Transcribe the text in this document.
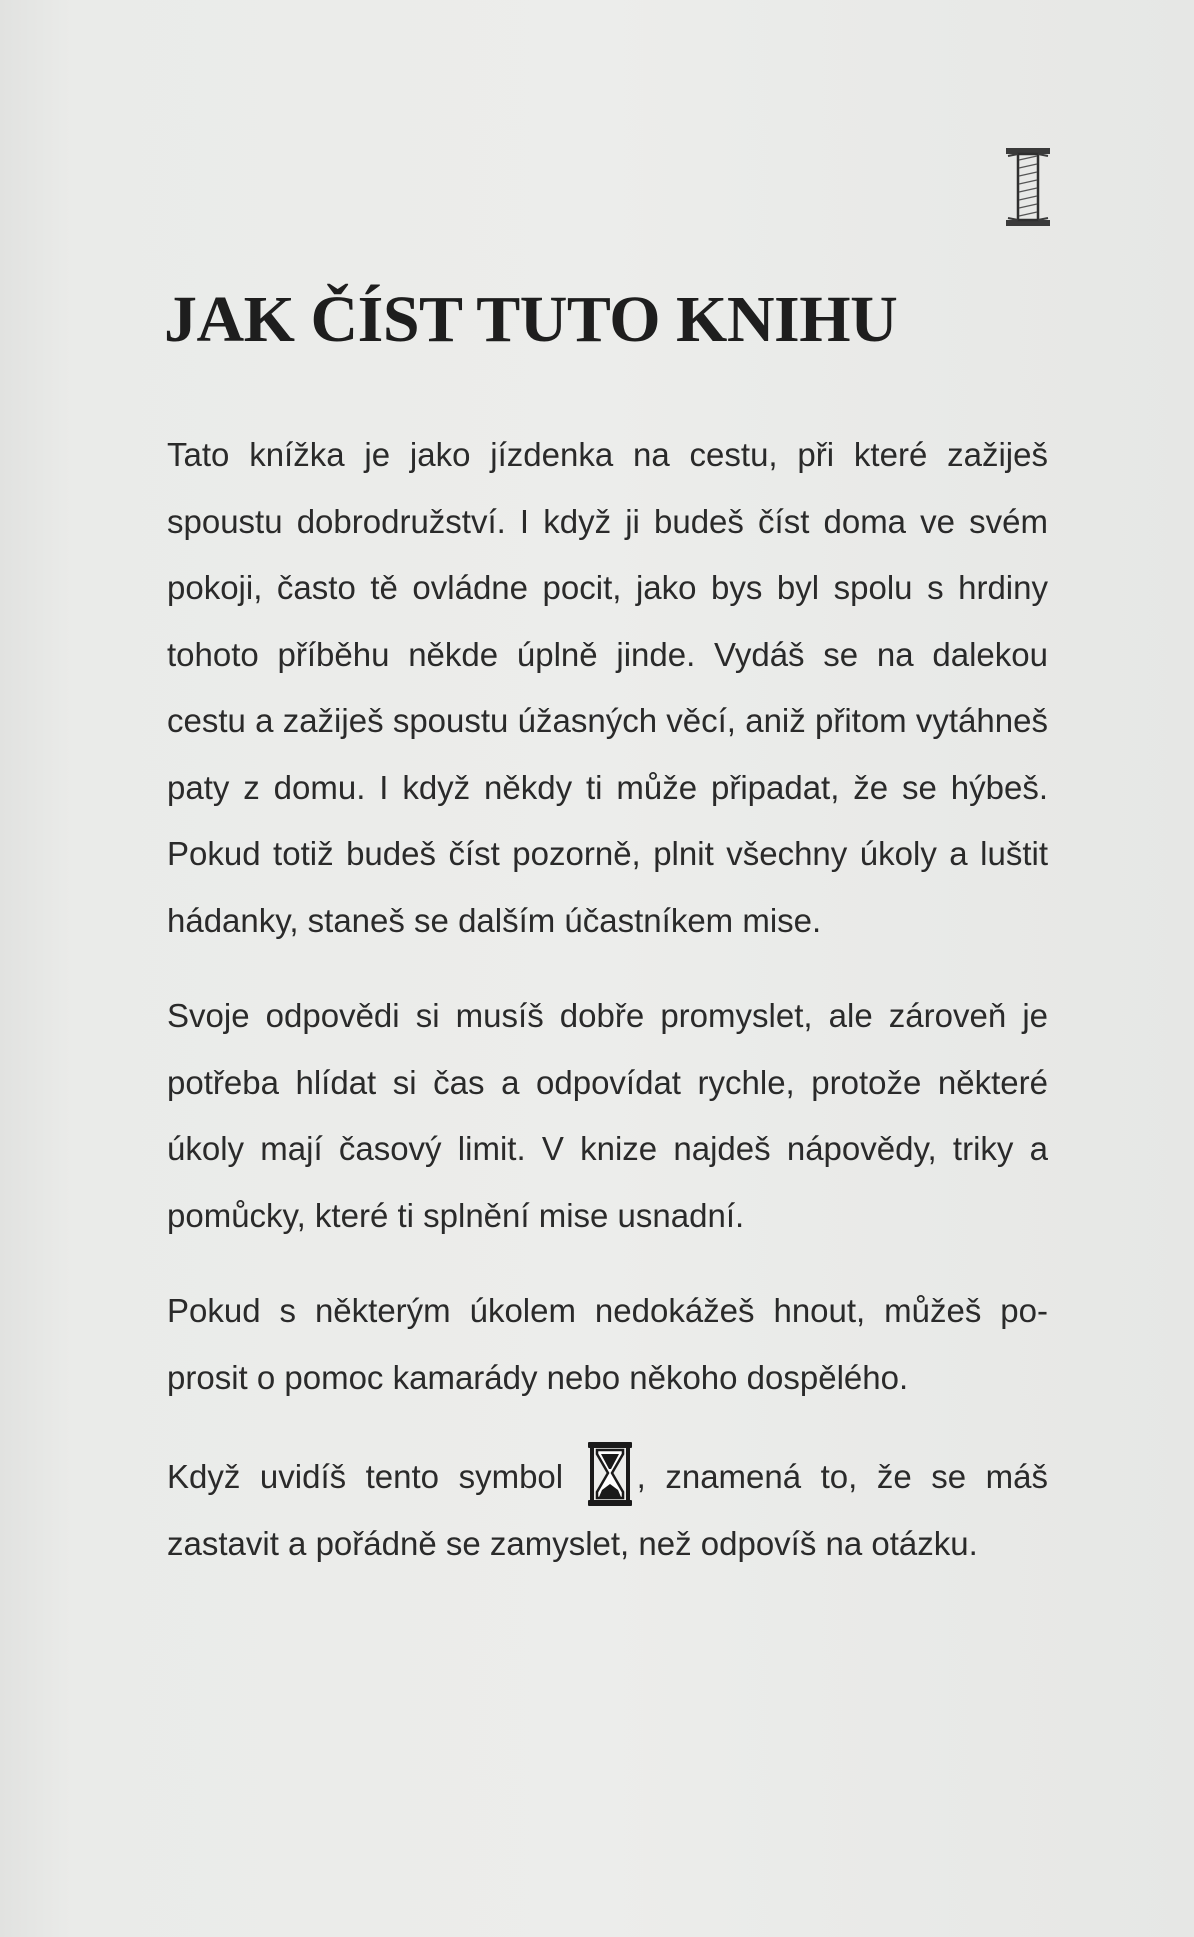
JAK ČÍST TUTO KNIHU

Tato knížka je jako jízdenka na cestu, při které zažiješ spoustu dobrodružství. I když ji budeš číst doma ve svém pokoji, často tě ovládne pocit, jako bys byl spolu s hrdiny tohoto příběhu někde úplně jinde. Vydáš se na dalekou cestu a zažiješ spoustu úžasných věcí, aniž přitom vytáhneš paty z domu. I když někdy ti může připadat, že se hýbeš. Pokud totiž budeš číst pozorně, plnit všechny úkoly a luštit hádanky, staneš se dalším účastníkem mise.

Svoje odpovědi si musíš dobře promyslet, ale zároveň je potřeba hlídat si čas a odpovídat rychle, protože některé úkoly mají časový limit. V knize najdeš nápovědy, triky a pomůcky, které ti splnění mise usnadní.

Pokud s některým úkolem nedokážeš hnout, můžeš poprosit o pomoc kamarády nebo někoho dospělého.

Když uvidíš tento symbol , znamená to, že se máš zastavit a pořádně se zamyslet, než odpovíš na otázku.
